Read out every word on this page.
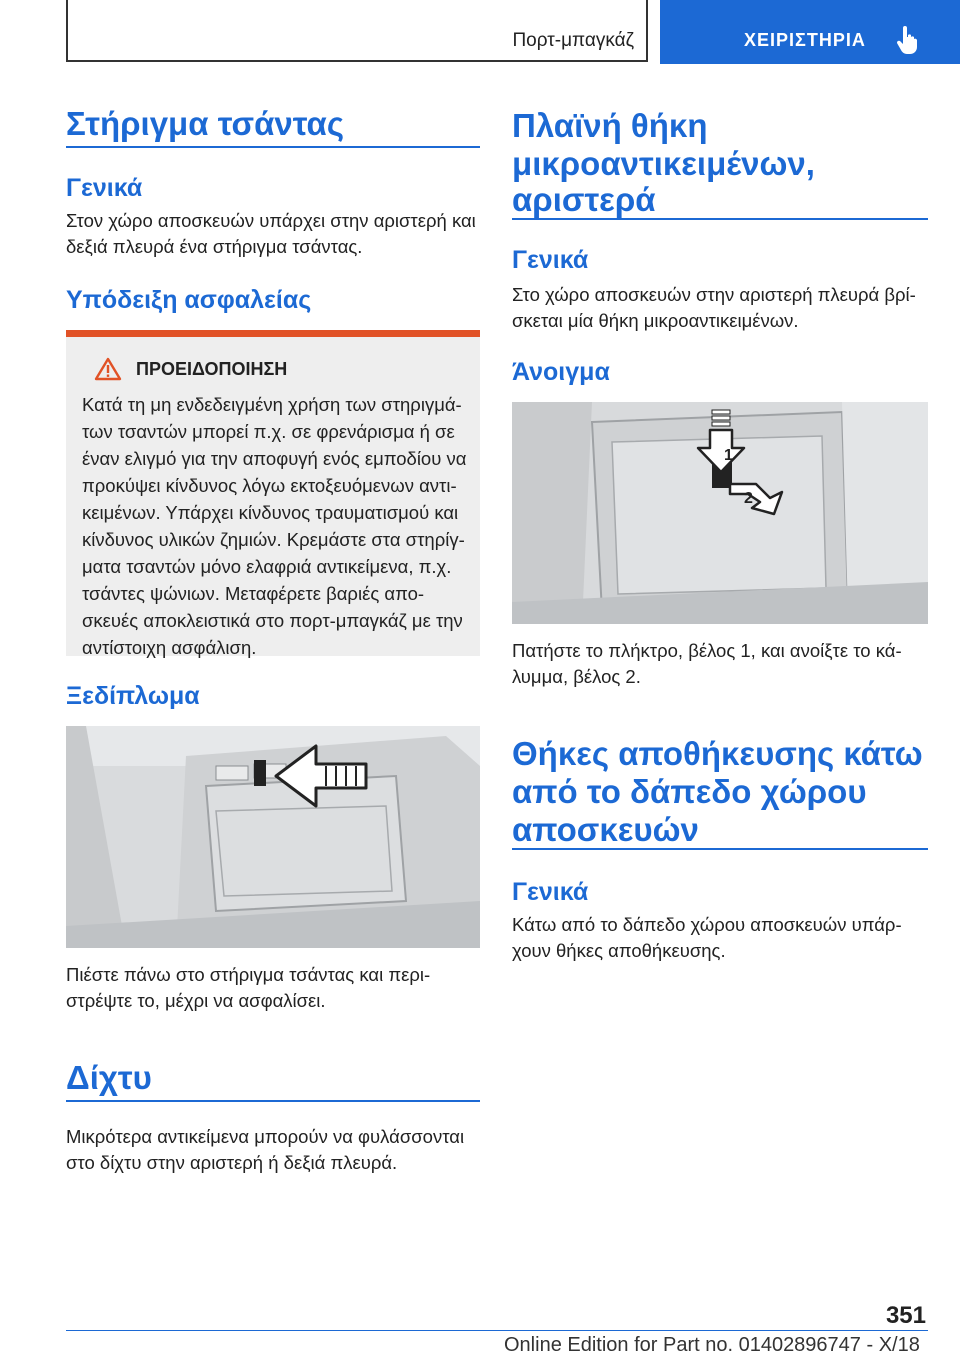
Πορτ-μπαγκάζ	ΧΕΙΡΙΣΤΗΡΙΑ
Στήριγμα τσάντας
Γενικά
Στον χώρο αποσκευών υπάρχει στην αριστερή και δεξιά πλευρά ένα στήριγμα τσάντας.
Υπόδειξη ασφαλείας
ΠΡΟΕΙΔΟΠΟΙΗΣΗ
Κατά τη μη ενδεδειγμένη χρήση των στηριγμά-των τσαντών μπορεί π.χ. σε φρενάρισμα ή σε έναν ελιγμό για την αποφυγή ενός εμποδίου να προκύψει κίνδυνος λόγω εκτοξευόμενων αντι-κειμένων. Υπάρχει κίνδυνος τραυματισμού και κίνδυνος υλικών ζημιών. Κρεμάστε στα στηρίγ-ματα τσαντών μόνο ελαφριά αντικείμενα, π.χ. τσάντες ψώνιων. Μεταφέρετε βαριές απο-σκευές αποκλειστικά στο πορτ-μπαγκάζ με την αντίστοιχη ασφάλιση.
Ξεδίπλωμα
Πιέστε πάνω στο στήριγμα τσάντας και περι-στρέψτε το, μέχρι να ασφαλίσει.
Δίχτυ
Μικρότερα αντικείμενα μπορούν να φυλάσσονται στο δίχτυ στην αριστερή ή δεξιά πλευρά.
Πλαϊνή θήκη
μικροαντικειμένων,
αριστερά
Γενικά
Στο χώρο αποσκευών στην αριστερή πλευρά βρί-σκεται μία θήκη μικροαντικειμένων.
Άνοιγμα
1
2
Πατήστε το πλήκτρο, βέλος 1, και ανοίξτε το κά-λυμμα, βέλος 2.
Θήκες αποθήκευσης κάτω
από το δάπεδο χώρου
αποσκευών
Γενικά
Κάτω από το δάπεδο χώρου αποσκευών υπάρ-χουν θήκες αποθήκευσης.
351
Online Edition for Part no. 01402896747 - X/18
